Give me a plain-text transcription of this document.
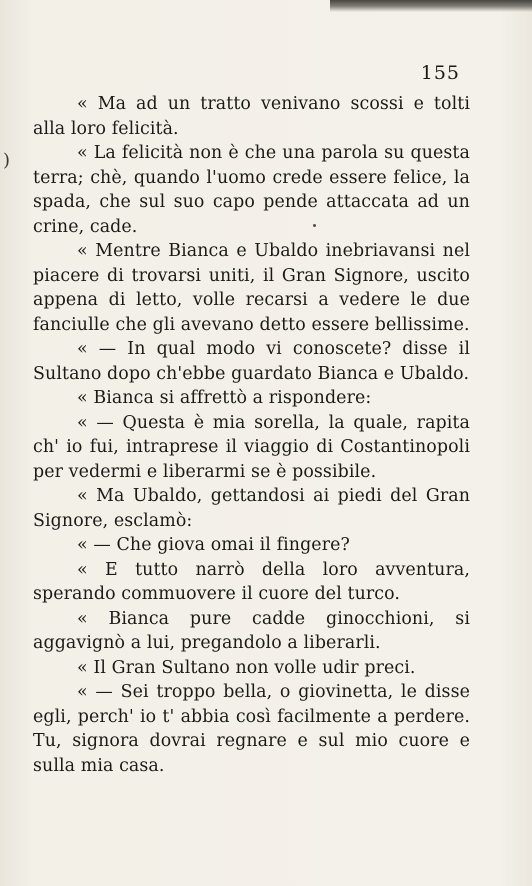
155
)

« Ma ad un tratto venivano scossi e tolti alla loro felicità.

« La felicità non è che una parola su questa terra; chè, quando l'uomo crede essere felice, la spada, che sul suo capo pende attaccata ad un crine, cade.

« Mentre Bianca e Ubaldo inebriavansi nel piacere di trovarsi uniti, il Gran Signore, uscito appena di letto, volle recarsi a vedere le due fanciulle che gli avevano detto essere bellissime.

« — In qual modo vi conoscete? disse il Sultano dopo ch'ebbe guardato Bianca e Ubaldo.

« Bianca si affrettò a rispondere:

« — Questa è mia sorella, la quale, rapita ch' io fui, intraprese il viaggio di Costantinopoli per vedermi e liberarmi se è possibile.

« Ma Ubaldo, gettandosi ai piedi del Gran Signore, esclamò:

« — Che giova omai il fingere?

« E tutto narrò della loro avventura, sperando commuovere il cuore del turco.

« Bianca pure cadde ginocchioni, si aggavignò a lui, pregandolo a liberarli.

« Il Gran Sultano non volle udir preci.

« — Sei troppo bella, o giovinetta, le disse egli, perch' io t' abbia così facilmente a perdere. Tu, signora dovrai regnare e sul mio cuore e sulla mia casa.
